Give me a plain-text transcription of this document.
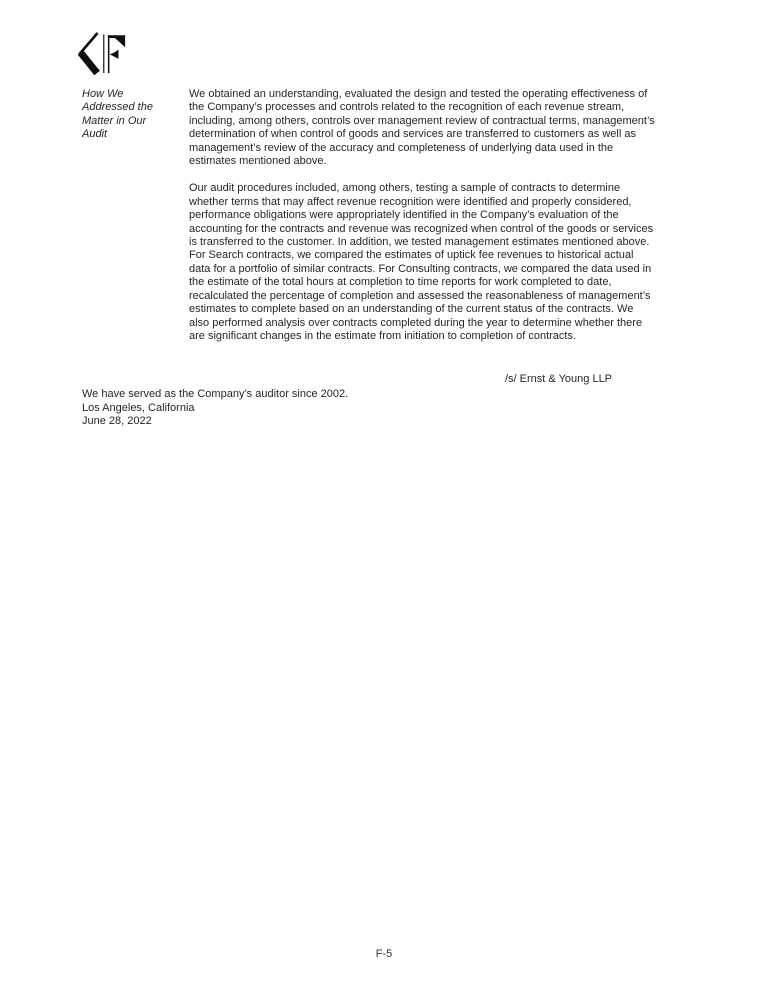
How We
Addressed the
Matter in Our
Audit

We obtained an understanding, evaluated the design and tested the operating effectiveness of
the Company’s processes and controls related to the recognition of each revenue stream,
including, among others, controls over management review of contractual terms, management’s
determination of when control of goods and services are transferred to customers as well as
management’s review of the accuracy and completeness of underlying data used in the
estimates mentioned above.

Our audit procedures included, among others, testing a sample of contracts to determine
whether terms that may affect revenue recognition were identified and properly considered,
performance obligations were appropriately identified in the Company’s evaluation of the
accounting for the contracts and revenue was recognized when control of the goods or services
is transferred to the customer. In addition, we tested management estimates mentioned above.
For Search contracts, we compared the estimates of uptick fee revenues to historical actual
data for a portfolio of similar contracts. For Consulting contracts, we compared the data used in
the estimate of the total hours at completion to time reports for work completed to date,
recalculated the percentage of completion and assessed the reasonableness of management’s
estimates to complete based on an understanding of the current status of the contracts. We
also performed analysis over contracts completed during the year to determine whether there
are significant changes in the estimate from initiation to completion of contracts.

/s/ Ernst & Young LLP
We have served as the Company’s auditor since 2002.
Los Angeles, California
June 28, 2022
F-5
